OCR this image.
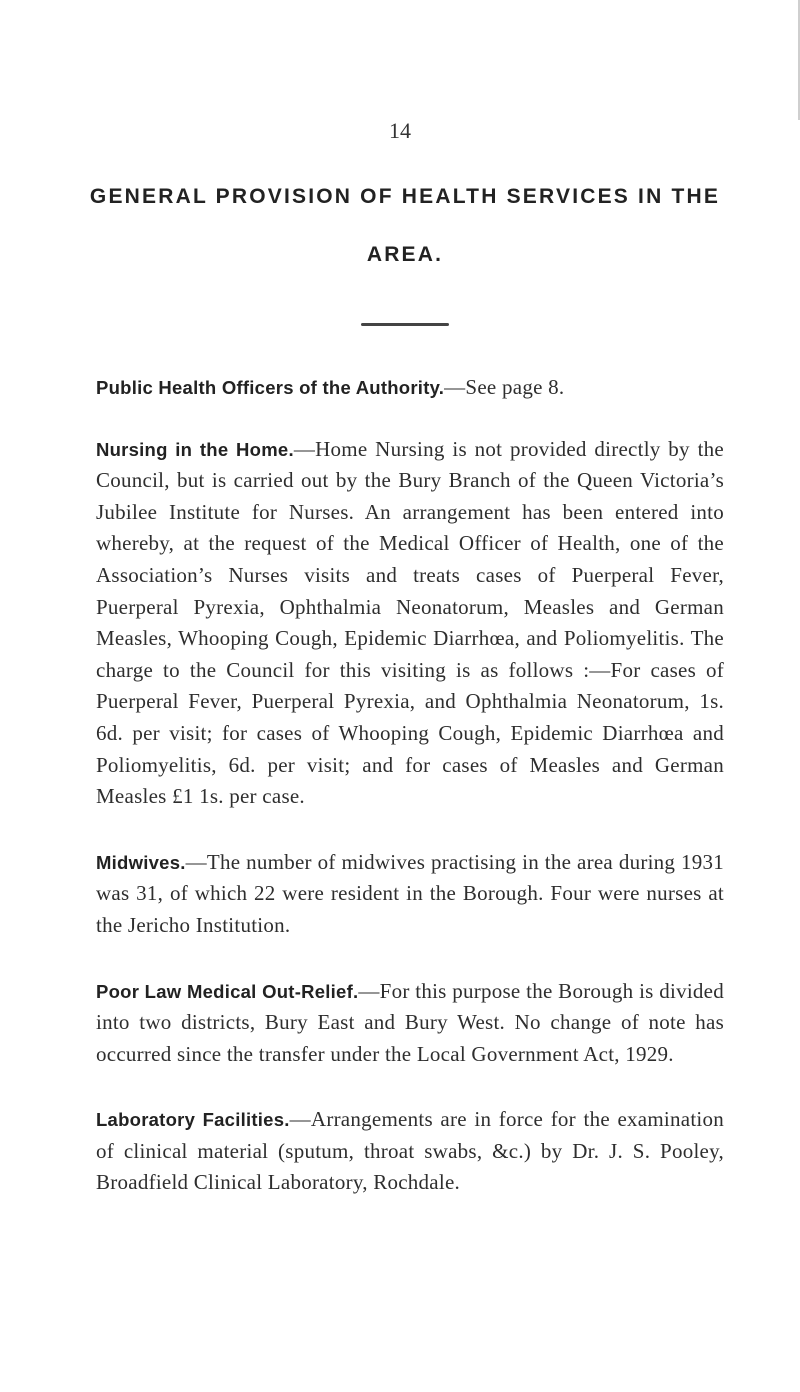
14
GENERAL PROVISION OF HEALTH SERVICES IN THE AREA.

Public Health Officers of the Authority.—See page 8.

Nursing in the Home.—Home Nursing is not provided directly by the Council, but is carried out by the Bury Branch of the Queen Victoria’s Jubilee Institute for Nurses. An arrangement has been entered into whereby, at the request of the Medical Officer of Health, one of the Association’s Nurses visits and treats cases of Puerperal Fever, Puerperal Pyrexia, Ophthalmia Neonatorum, Measles and German Measles, Whooping Cough, Epidemic Diarrhœa, and Poliomyelitis. The charge to the Council for this visiting is as follows :—For cases of Puerperal Fever, Puerperal Pyrexia, and Ophthalmia Neonatorum, 1s. 6d. per visit; for cases of Whooping Cough, Epidemic Diarrhœa and Poliomyelitis, 6d. per visit; and for cases of Measles and German Measles £1 1s. per case.

Midwives.—The number of midwives practising in the area during 1931 was 31, of which 22 were resident in the Borough. Four were nurses at the Jericho Institution.

Poor Law Medical Out-Relief.—For this purpose the Borough is divided into two districts, Bury East and Bury West. No change of note has occurred since the transfer under the Local Government Act, 1929.

Laboratory Facilities.—Arrangements are in force for the examination of clinical material (sputum, throat swabs, &c.) by Dr. J. S. Pooley, Broadfield Clinical Laboratory, Rochdale.
